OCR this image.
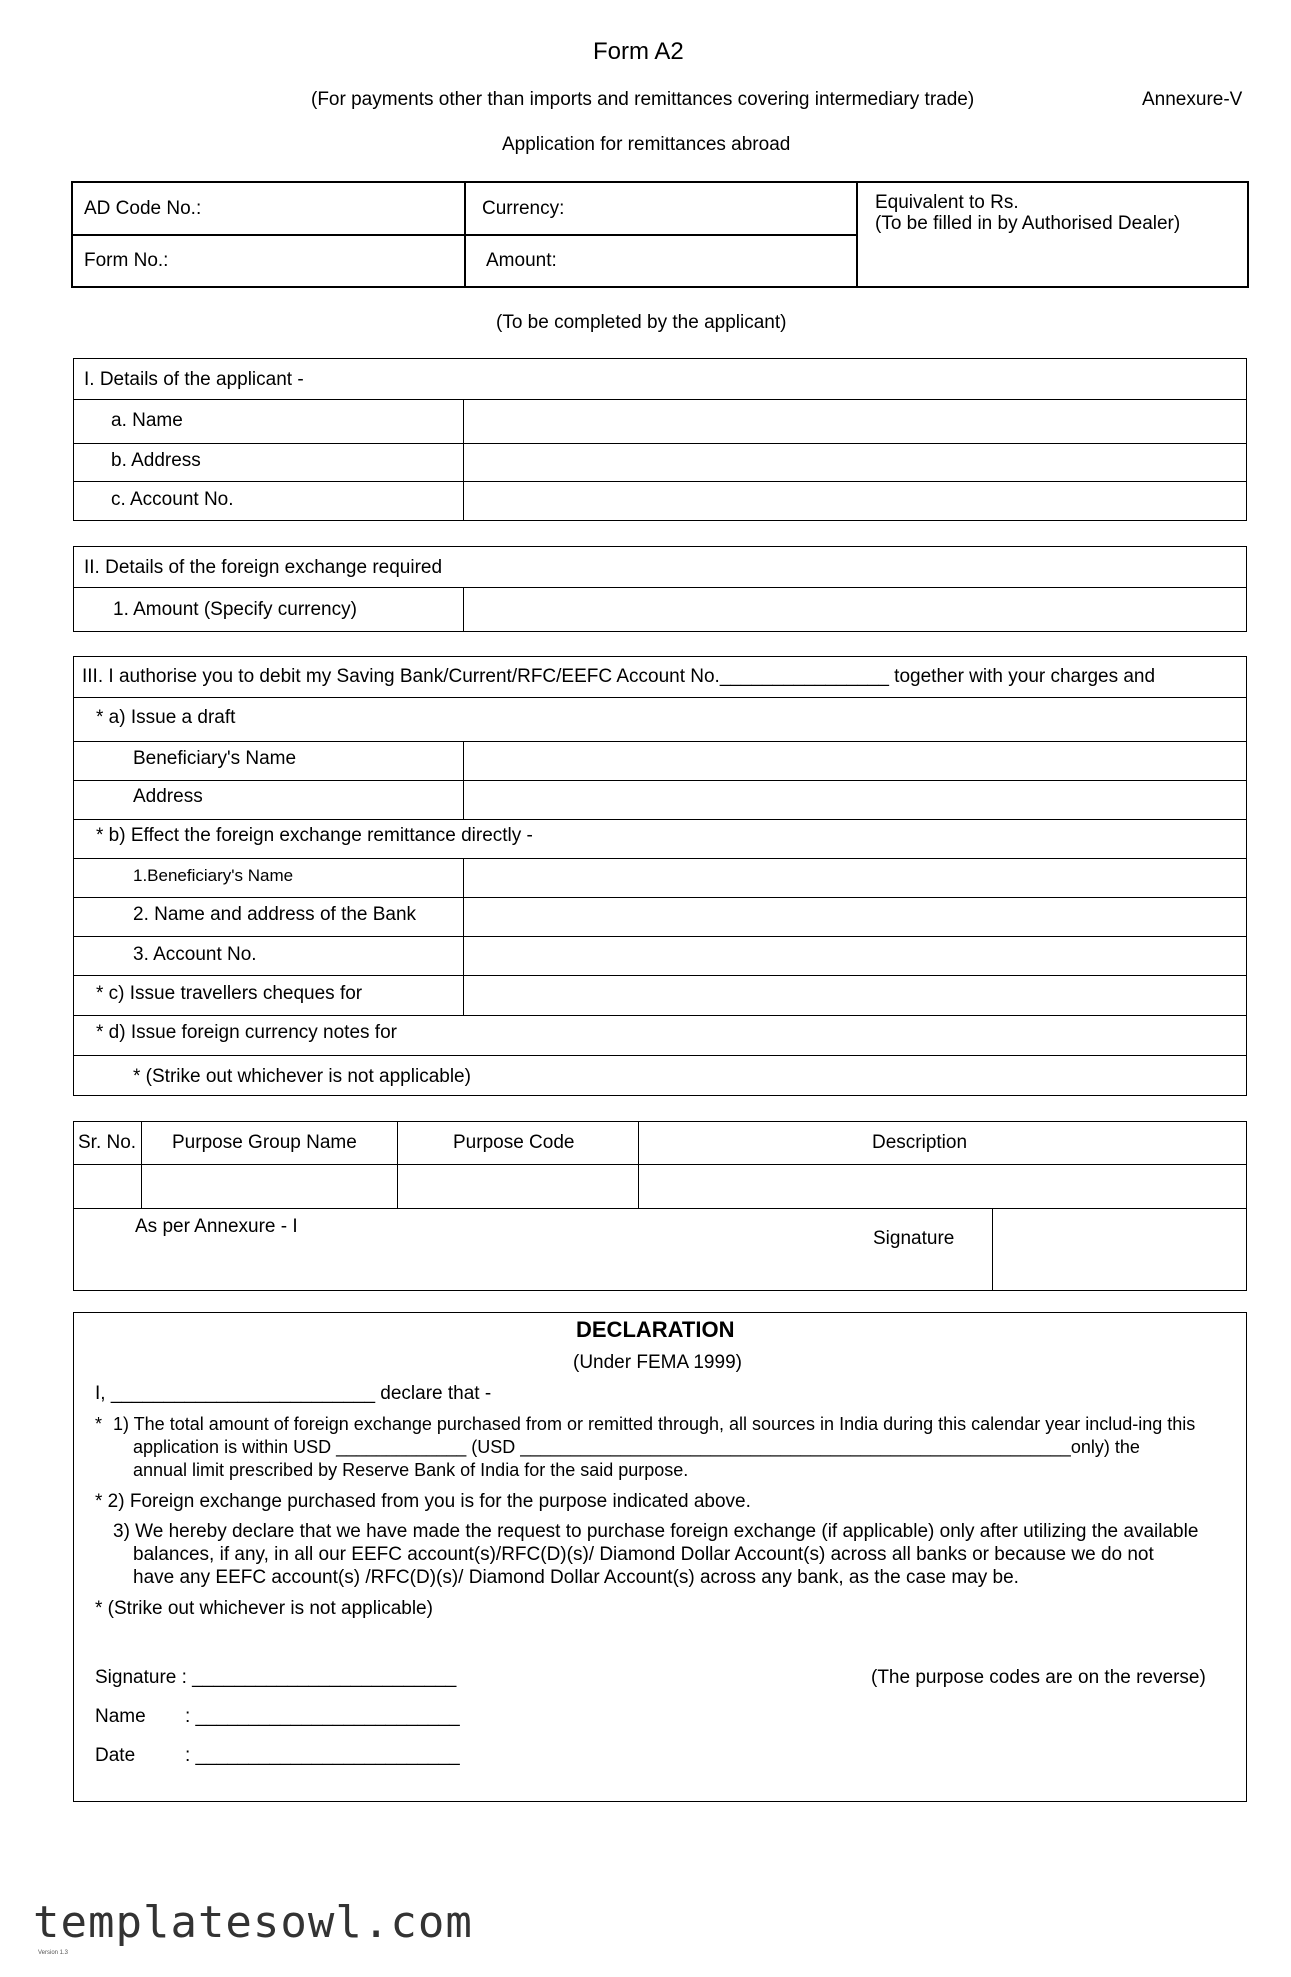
Form A2
(For payments other than imports and remittances covering intermediary trade)	Annexure-V
Application for remittances abroad
AD Code No.:	Currency:	Equivalent to Rs.
(To be filled in by Authorised Dealer)
Form No.:	Amount:
(To be completed by the applicant)
I. Details of the applicant -
a. Name
b. Address
c. Account No.
II. Details of the foreign exchange required
1. Amount (Specify currency)
III. I authorise you to debit my Saving Bank/Current/RFC/EEFC Account No.________________ together with your charges and
* a) Issue a draft
Beneficiary's Name
Address
* b) Effect the foreign exchange remittance directly -
1.Beneficiary's Name
2. Name and address of the Bank
3. Account No.
* c) Issue travellers cheques for
* d) Issue foreign currency notes for
* (Strike out whichever is not applicable)
Sr. No. Purpose Group Name	Purpose Code	Description
As per Annexure - I
Signature
DECLARATION
(Under FEMA 1999)
I, _________________________ declare that -
* 1) The total amount of foreign exchange purchased from or remitted through, all sources in India during this calendar year includ-ing this
application is within USD _____________ (USD _______________________________________________________only) the
annual limit prescribed by Reserve Bank of India for the said purpose.
* 2) Foreign exchange purchased from you is for the purpose indicated above.
3) We hereby declare that we have made the request to purchase foreign exchange (if applicable) only after utilizing the available
balances, if any, in all our EEFC account(s)/RFC(D)(s)/ Diamond Dollar Account(s) across all banks or because we do not
have any EEFC account(s) /RFC(D)(s)/ Diamond Dollar Account(s) across any bank, as the case may be.
* (Strike out whichever is not applicable)
Signature : _________________________	(The purpose codes are on the reverse)
Name : _________________________
Date	: _________________________
templatesowl.com
Version 1.3
